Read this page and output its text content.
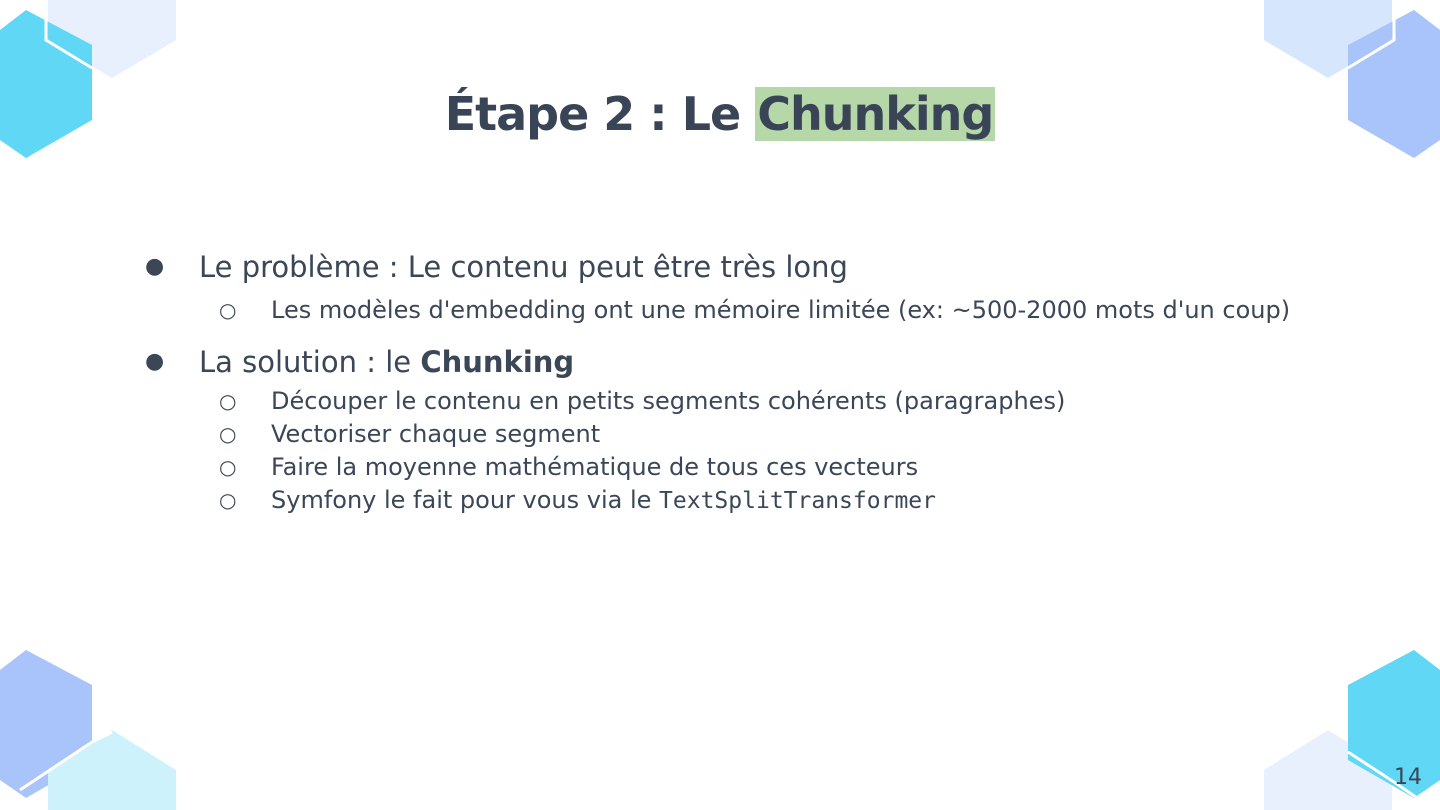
Étape 2 : Le Chunking
● Le problème : Le contenu peut être très long
○ Les modèles d'embedding ont une mémoire limitée (ex: ~500-2000 mots d'un coup)
● La solution : le Chunking
○ Découper le contenu en petits segments cohérents (paragraphes)
○ Vectoriser chaque segment
○ Faire la moyenne mathématique de tous ces vecteurs
○ Symfony le fait pour vous via le TextSplitTransformer
14
